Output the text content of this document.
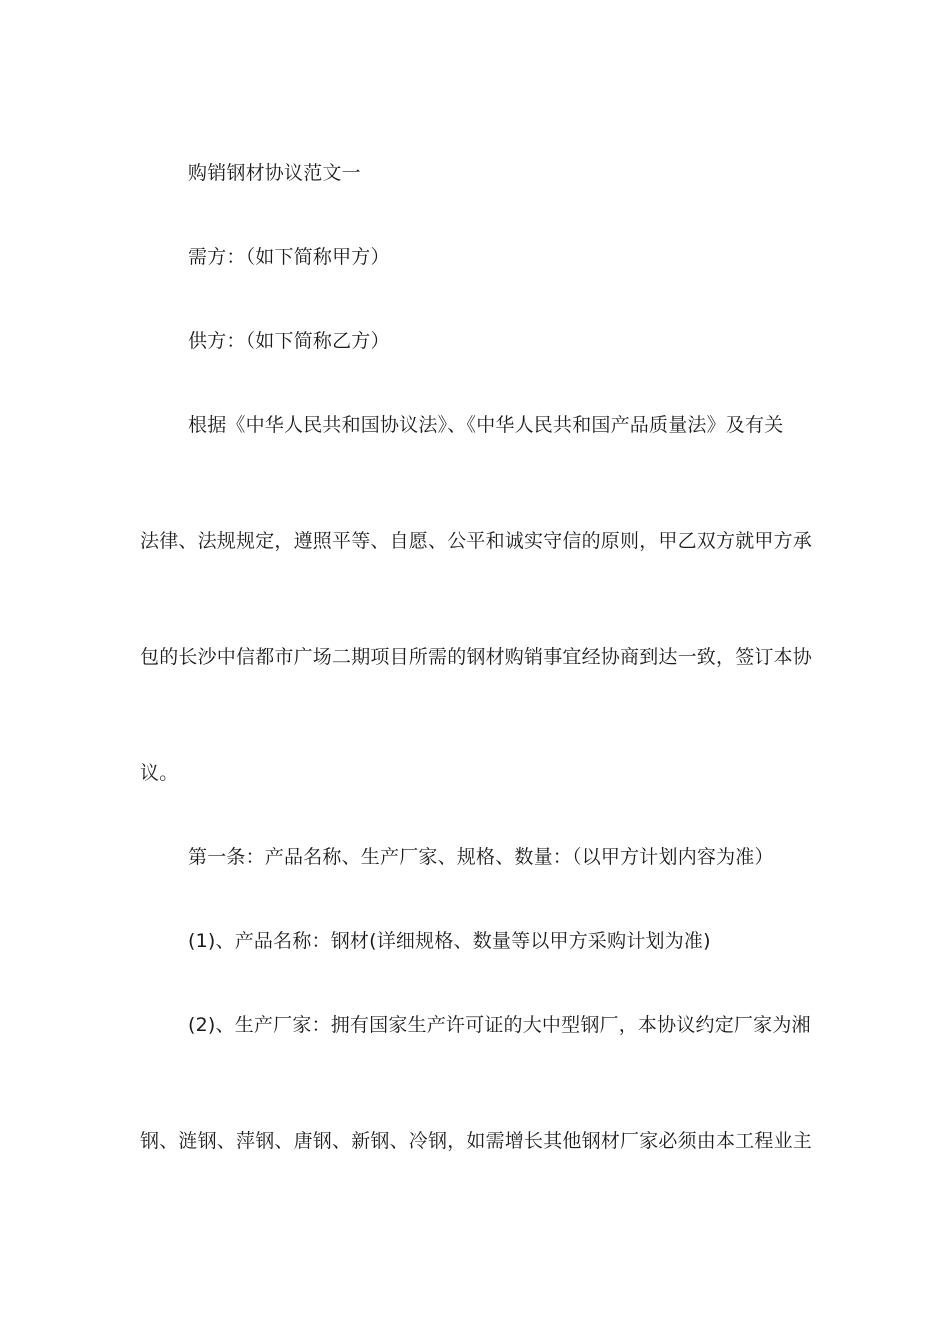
购销钢材协议范文一
需方：（如下简称甲方）
供方：（如下简称乙方）
根据《中华人民共和国协议法》、《中华人民共和国产品质量法》及有关
法律、法规规定，遵照平等、自愿、公平和诚实守信的原则，甲乙双方就甲方承
包的长沙中信都市广场二期项目所需的钢材购销事宜经协商到达一致，签订本协
议。
第一条：产品名称、生产厂家、规格、数量：（以甲方计划内容为准）
(1)、产品名称：钢材(详细规格、数量等以甲方采购计划为准)
(2)、生产厂家：拥有国家生产许可证的大中型钢厂，本协议约定厂家为湘
钢、涟钢、萍钢、唐钢、新钢、冷钢，如需增长其他钢材厂家必须由本工程业主
